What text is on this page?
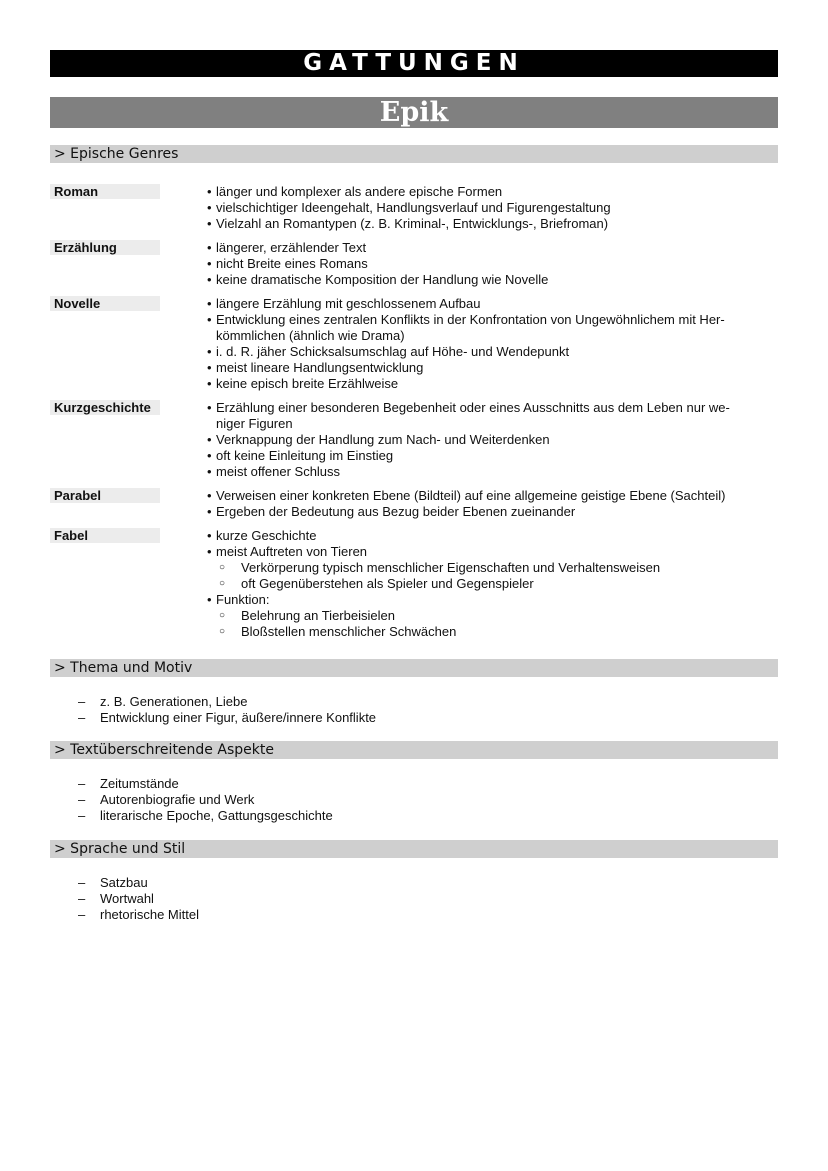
GATTUNGEN
Epik
> Epische Genres
Roman	• länger und komplexer als andere epische Formen
• vielschichtiger Ideengehalt, Handlungsverlauf und Figurengestaltung
• Vielzahl an Romantypen (z. B. Kriminal-, Entwicklungs-, Briefroman)
Erzählung	• längerer, erzählender Text
• nicht Breite eines Romans
• keine dramatische Komposition der Handlung wie Novelle
Novelle	• längere Erzählung mit geschlossenem Aufbau
• Entwicklung eines zentralen Konflikts in der Konfrontation von Ungewöhnlichem mit Herkömmlichen (ähnlich wie Drama)
• i. d. R. jäher Schicksalsumschlag auf Höhe- und Wendepunkt
• meist lineare Handlungsentwicklung
• keine episch breite Erzählweise
Kurzgeschichte	• Erzählung einer besonderen Begebenheit oder eines Ausschnitts aus dem Leben nur weniger Figuren
• Verknappung der Handlung zum Nach- und Weiterdenken
• oft keine Einleitung im Einstieg
• meist offener Schluss
Parabel	• Verweisen einer konkreten Ebene (Bildteil) auf eine allgemeine geistige Ebene (Sachteil)
• Ergeben der Bedeutung aus Bezug beider Ebenen zueinander
Fabel	• kurze Geschichte
• meist Auftreten von Tieren
○	Verkörperung typisch menschlicher Eigenschaften und Verhaltensweisen
○	oft Gegenüberstehen als Spieler und Gegenspieler
• Funktion:
○	Belehrung an Tierbeisielen
○	Bloßstellen menschlicher Schwächen
> Thema und Motiv
–	z. B. Generationen, Liebe
–	Entwicklung einer Figur, äußere/innere Konflikte
> Textüberschreitende Aspekte
–	Zeitumstände
–	Autorenbiografie und Werk
–	literarische Epoche, Gattungsgeschichte
> Sprache und Stil
–	Satzbau
–	Wortwahl
–	rhetorische Mittel
